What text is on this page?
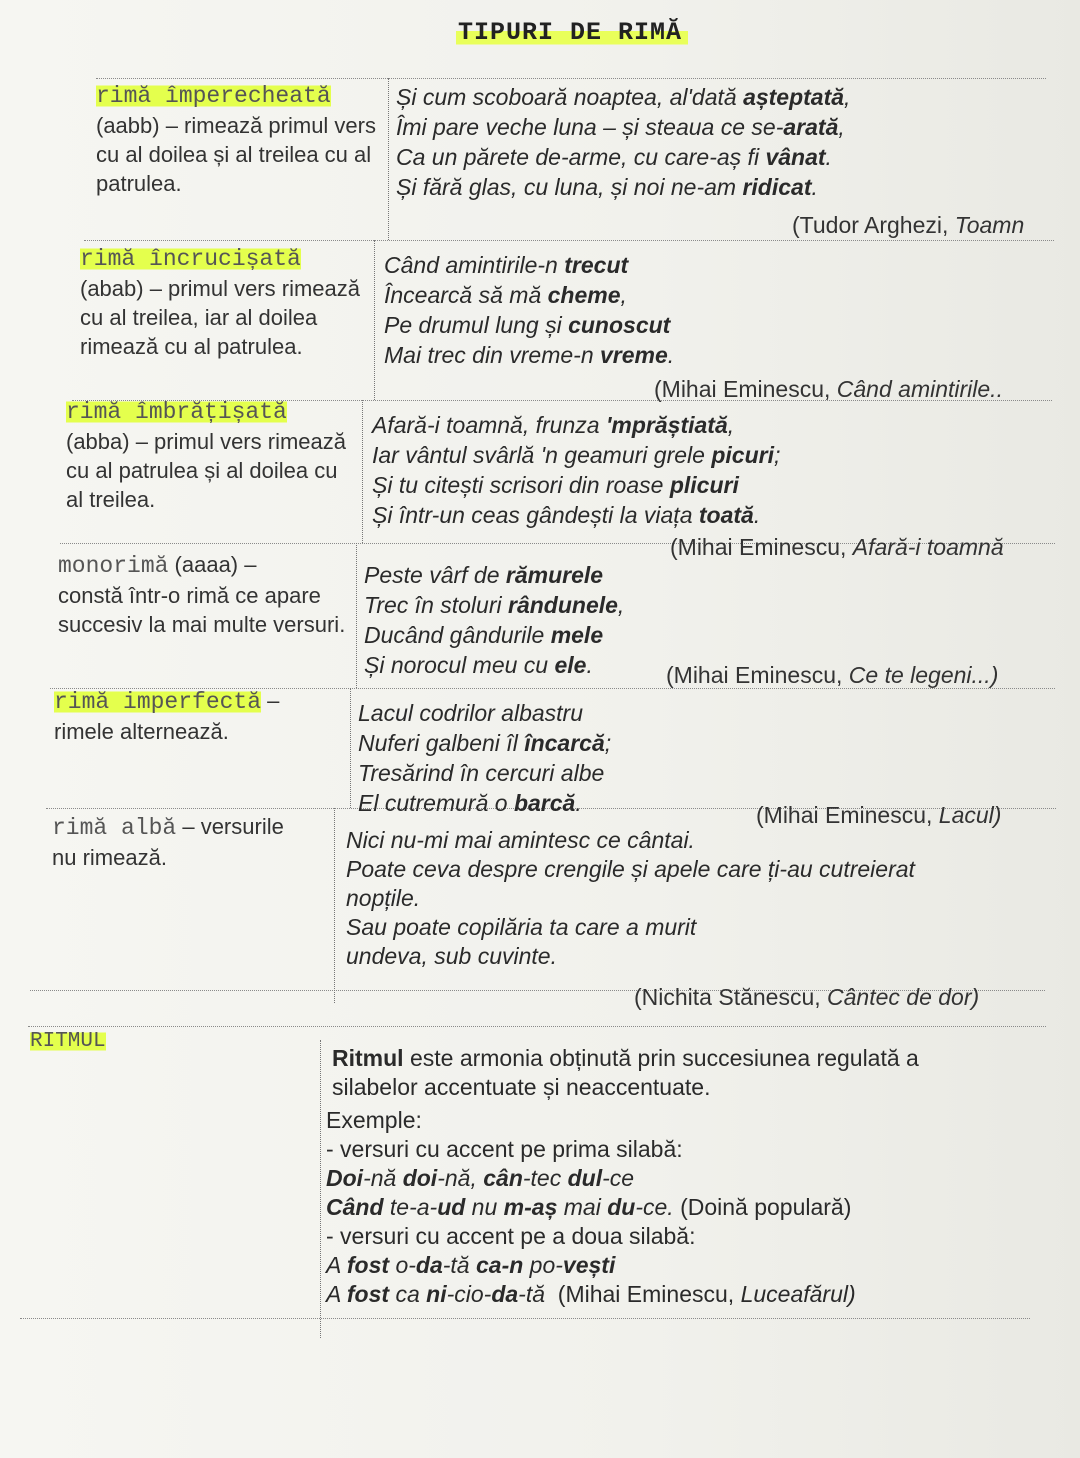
TIPURI DE RIMĂ
rimă împerecheată
(aabb) – rimează primul vers cu al doilea și al treilea cu al patrulea.
Și cum scoboară noaptea, al'dată așteptată,
Îmi pare veche luna – și steaua ce se-arată,
Ca un părete de-arme, cu care-aș fi vânat.
Și fără glas, cu luna, și noi ne-am ridicat.
(Tudor Arghezi, Toamn
rimă încrucișată
(abab) – primul vers rimează cu al treilea, iar al doilea rimează cu al patrulea.
Când amintirile-n trecut
Încearcă să mă cheme,
Pe drumul lung și cunoscut
Mai trec din vreme-n vreme.
(Mihai Eminescu, Când amintirile..
rimă îmbrățișată
(abba) – primul vers rimează cu al patrulea și al doilea cu al treilea.
Afară-i toamnă, frunza 'mprăștiată,
Iar vântul svârlă 'n geamuri grele picuri;
Și tu citești scrisori din roase plicuri
Și într-un ceas gândești la viața toată.
(Mihai Eminescu, Afară-i toamnă
monorimă (aaaa) –
constă într-o rimă ce apare succesiv la mai multe versuri.
Peste vârf de rămurele
Trec în stoluri rândunele,
Ducând gândurile mele
Și norocul meu cu ele.	(Mihai Eminescu, Ce te legeni...)
rimă imperfectă –
rimele alternează.
Lacul codrilor albastru
Nuferi galbeni îl încarcă;
Tresărind în cercuri albe
El cutremură o barcă.	(Mihai Eminescu, Lacul)
rimă albă – versurile
nu rimează.
Nici nu-mi mai amintesc ce cântai.
Poate ceva despre crengile și apele care ți-au cutreierat
nopțile.
Sau poate copilăria ta care a murit
undeva, sub cuvinte.
(Nichita Stănescu, Cântec de dor)
RITMUL
Ritmul este armonia obținută prin succesiunea regulată a
silabelor accentuate și neaccentuate.
Exemple:
- versuri cu accent pe prima silabă:
Doi-nă doi-nă, cân-tec dul-ce
Când te-a-ud nu m-aș mai du-ce. (Doină populară)
- versuri cu accent pe a doua silabă:
A fost o-da-tă ca-n po-vești
A fost ca ni-cio-da-tă (Mihai Eminescu, Luceafărul)
